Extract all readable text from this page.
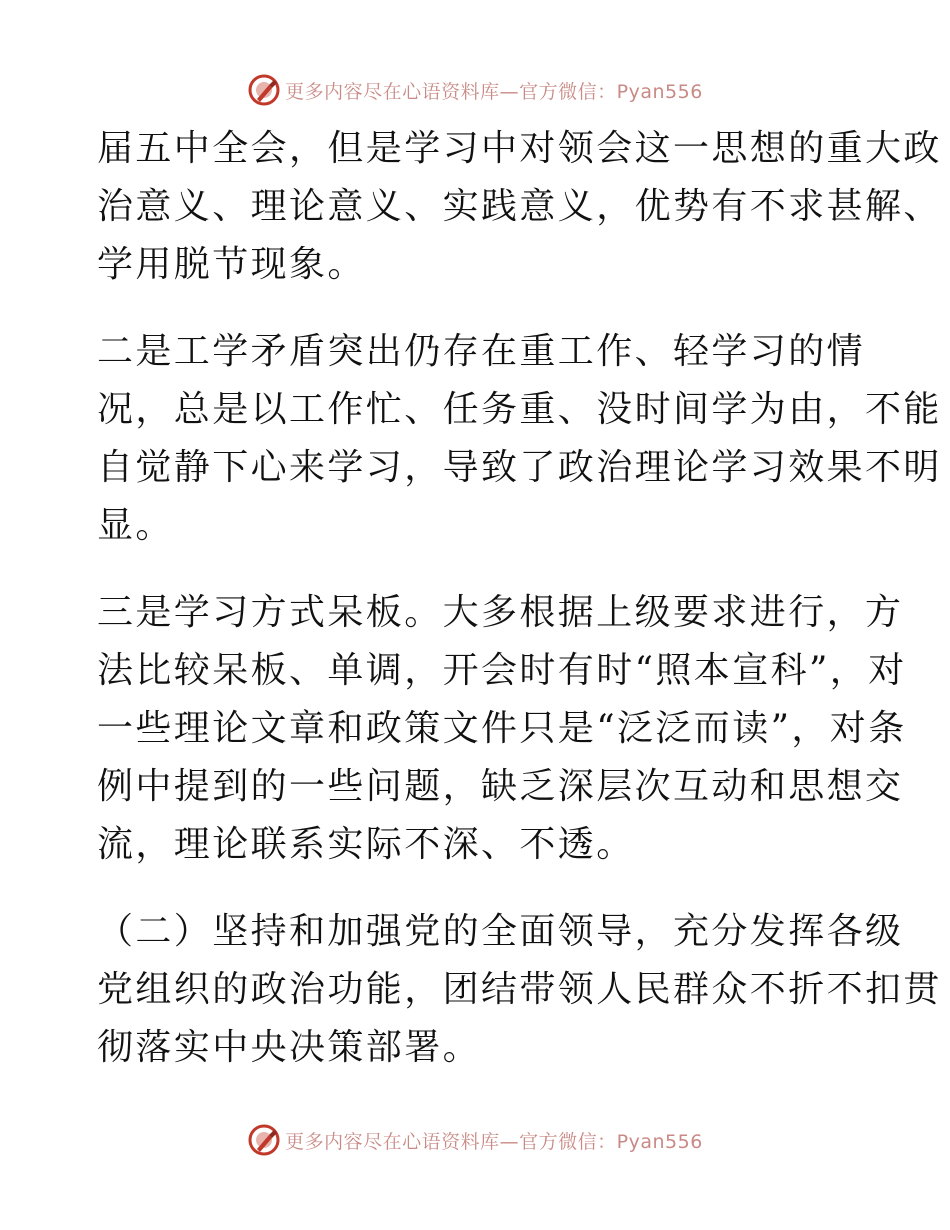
更多内容尽在心语资料库—官方微信：Pyan556
届五中全会，但是学习中对领会这一思想的重大政
治意义、理论意义、实践意义，优势有不求甚解、
学用脱节现象。
二是工学矛盾突出仍存在重工作、轻学习的情
况，总是以工作忙、任务重、没时间学为由，不能
自觉静下心来学习，导致了政治理论学习效果不明
显。
三是学习方式呆板。大多根据上级要求进行，方
法比较呆板、单调，开会时有时“照本宣科”，对
一些理论文章和政策文件只是“泛泛而读”，对条
例中提到的一些问题，缺乏深层次互动和思想交
流，理论联系实际不深、不透。
（二）坚持和加强党的全面领导，充分发挥各级
党组织的政治功能，团结带领人民群众不折不扣贯
彻落实中央决策部署。
更多内容尽在心语资料库—官方微信：Pyan556
